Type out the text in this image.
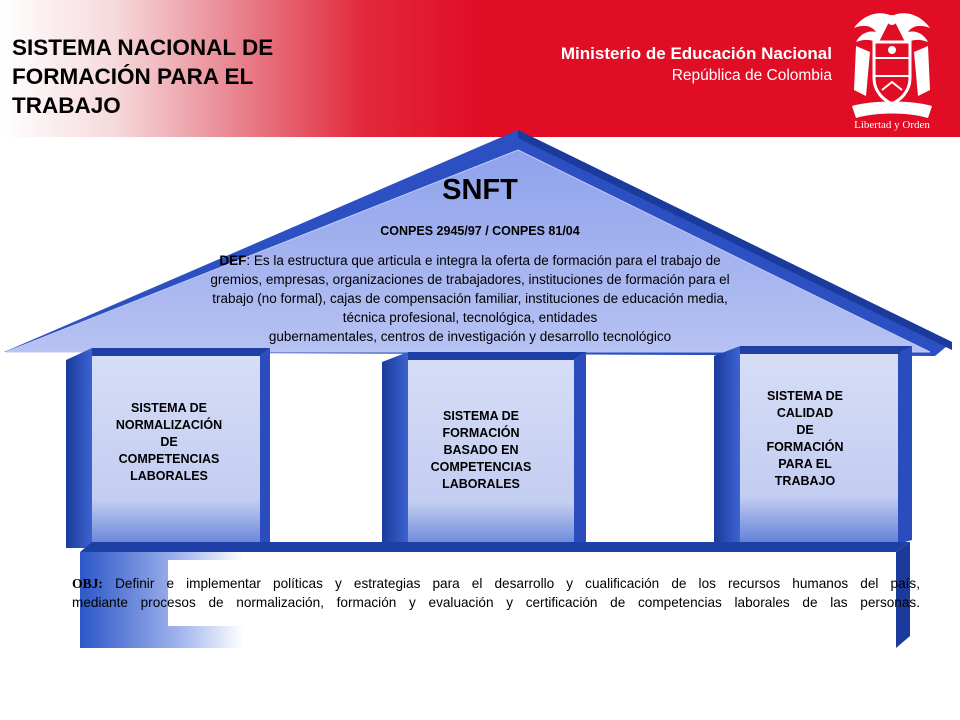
SISTEMA NACIONAL DE
FORMACIÓN PARA EL
TRABAJO
Ministerio de Educación Nacional
República de Colombia
Libertad y Orden
SNFT
CONPES 2945/97 / CONPES 81/04
DEF: Es la estructura que articula e integra la oferta de formación para el trabajo de
gremios, empresas, organizaciones de trabajadores, instituciones de formación para el
trabajo (no formal), cajas de compensación familiar, instituciones de educación media,
técnica profesional, tecnológica, entidades
gubernamentales, centros de investigación y desarrollo tecnológico
SISTEMA DE
NORMALIZACIÓN
DE
COMPETENCIAS
LABORALES
SISTEMA DE
FORMACIÓN
BASADO EN
COMPETENCIAS
LABORALES
SISTEMA DE
CALIDAD
DE
FORMACIÓN
PARA EL
TRABAJO
OBJ: Definir e implementar políticas y estrategias para el desarrollo y cualificación de los recursos humanos del país,
mediante procesos de normalización, formación y evaluación y certificación de competencias laborales de las personas.
